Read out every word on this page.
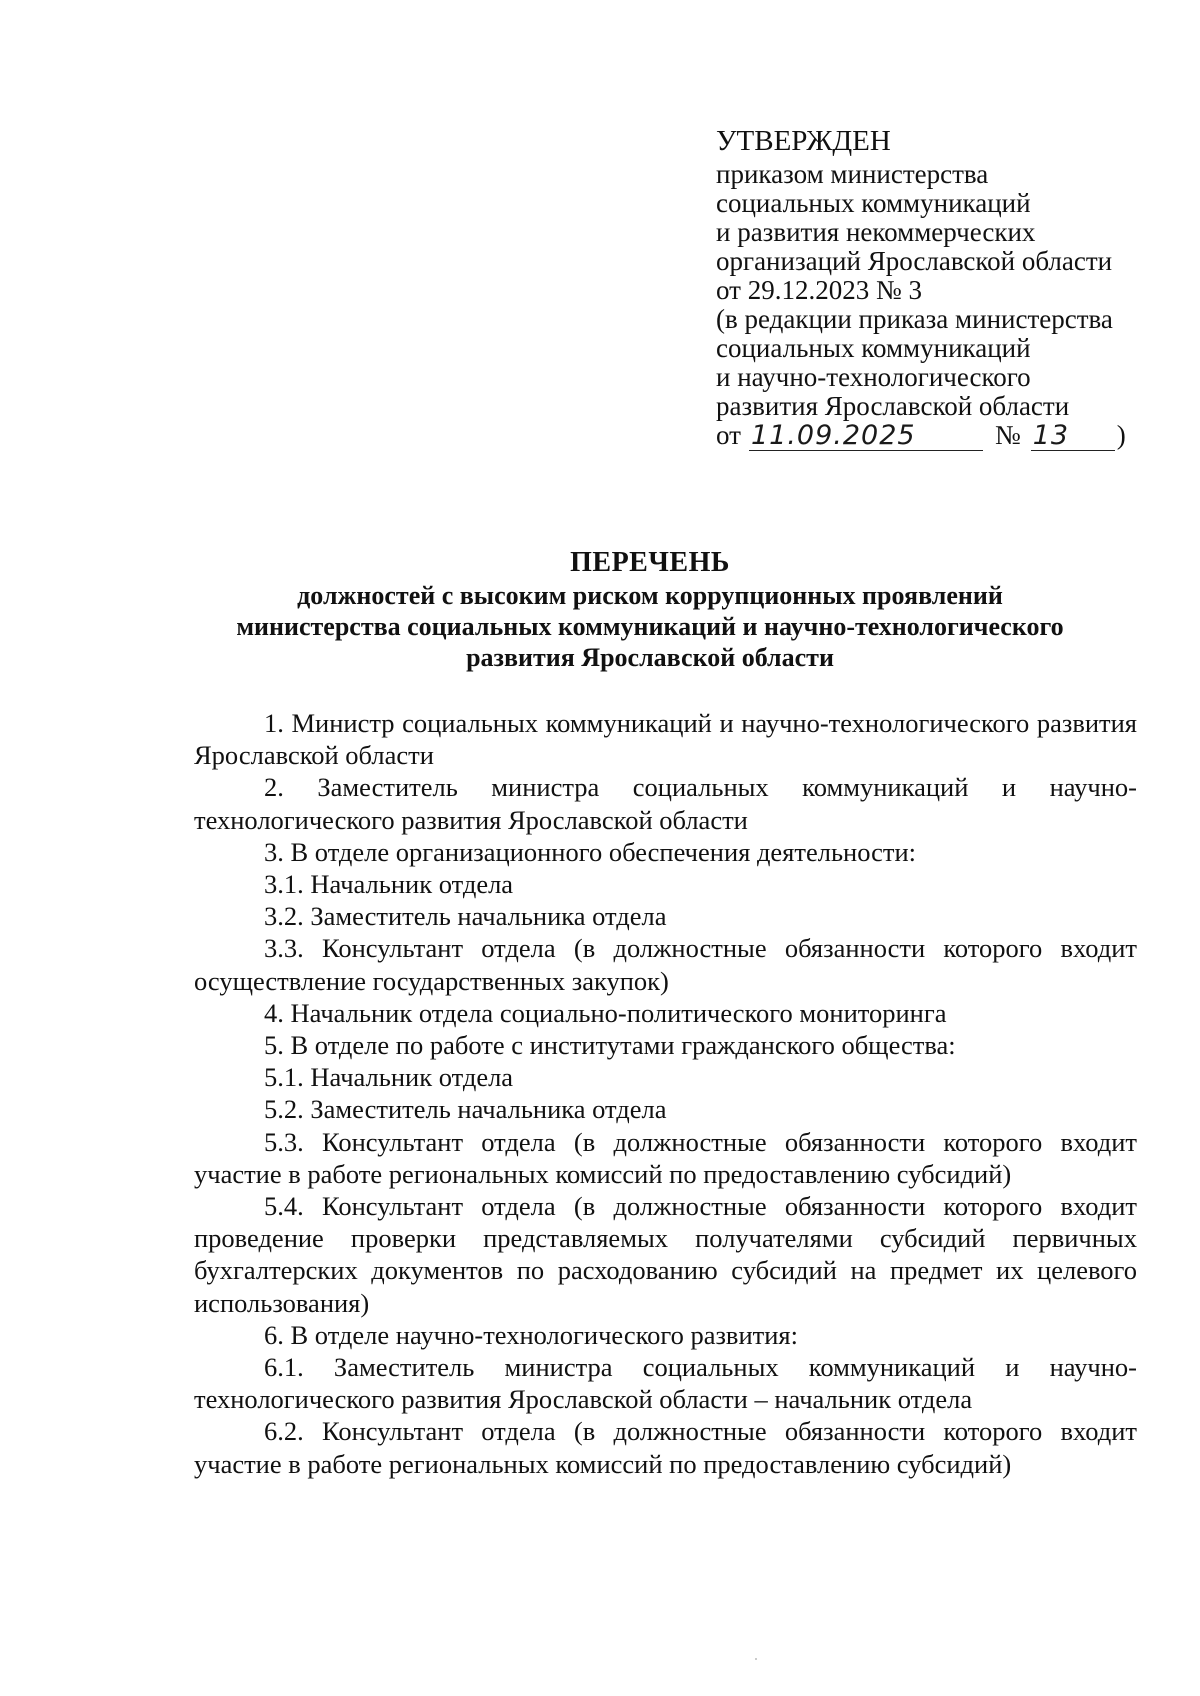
УТВЕРЖДЕН
приказом министерства
социальных коммуникаций
и развития некоммерческих
организаций Ярославской области
от 29.12.2023 № 3
(в редакции приказа министерства
социальных коммуникаций
и научно-технологического
развития Ярославской области
от 11.09.2025	№ 13	)
ПЕРЕЧЕНЬ
должностей с высоким риском коррупционных проявлений
министерства социальных коммуникаций и научно-технологического
развития Ярославской области

1. Министр социальных коммуникаций и научно-технологического развития Ярославской области

2. Заместитель министра социальных коммуникаций и научно-технологического развития Ярославской области

3. В отделе организационного обеспечения деятельности:

3.1. Начальник отдела

3.2. Заместитель начальника отдела

3.3. Консультант отдела (в должностные обязанности которого входит осуществление государственных закупок)

4. Начальник отдела социально-политического мониторинга

5. В отделе по работе с институтами гражданского общества:

5.1. Начальник отдела

5.2. Заместитель начальника отдела

5.3. Консультант отдела (в должностные обязанности которого входит участие в работе региональных комиссий по предоставлению субсидий)

5.4. Консультант отдела (в должностные обязанности которого входит проведение проверки представляемых получателями субсидий первичных бухгалтерских документов по расходованию субсидий на предмет их целевого использования)

6. В отделе научно-технологического развития:

6.1. Заместитель министра социальных коммуникаций и научно-технологического развития Ярославской области – начальник отдела

6.2. Консультант отдела (в должностные обязанности которого входит участие в работе региональных комиссий по предоставлению субсидий)
